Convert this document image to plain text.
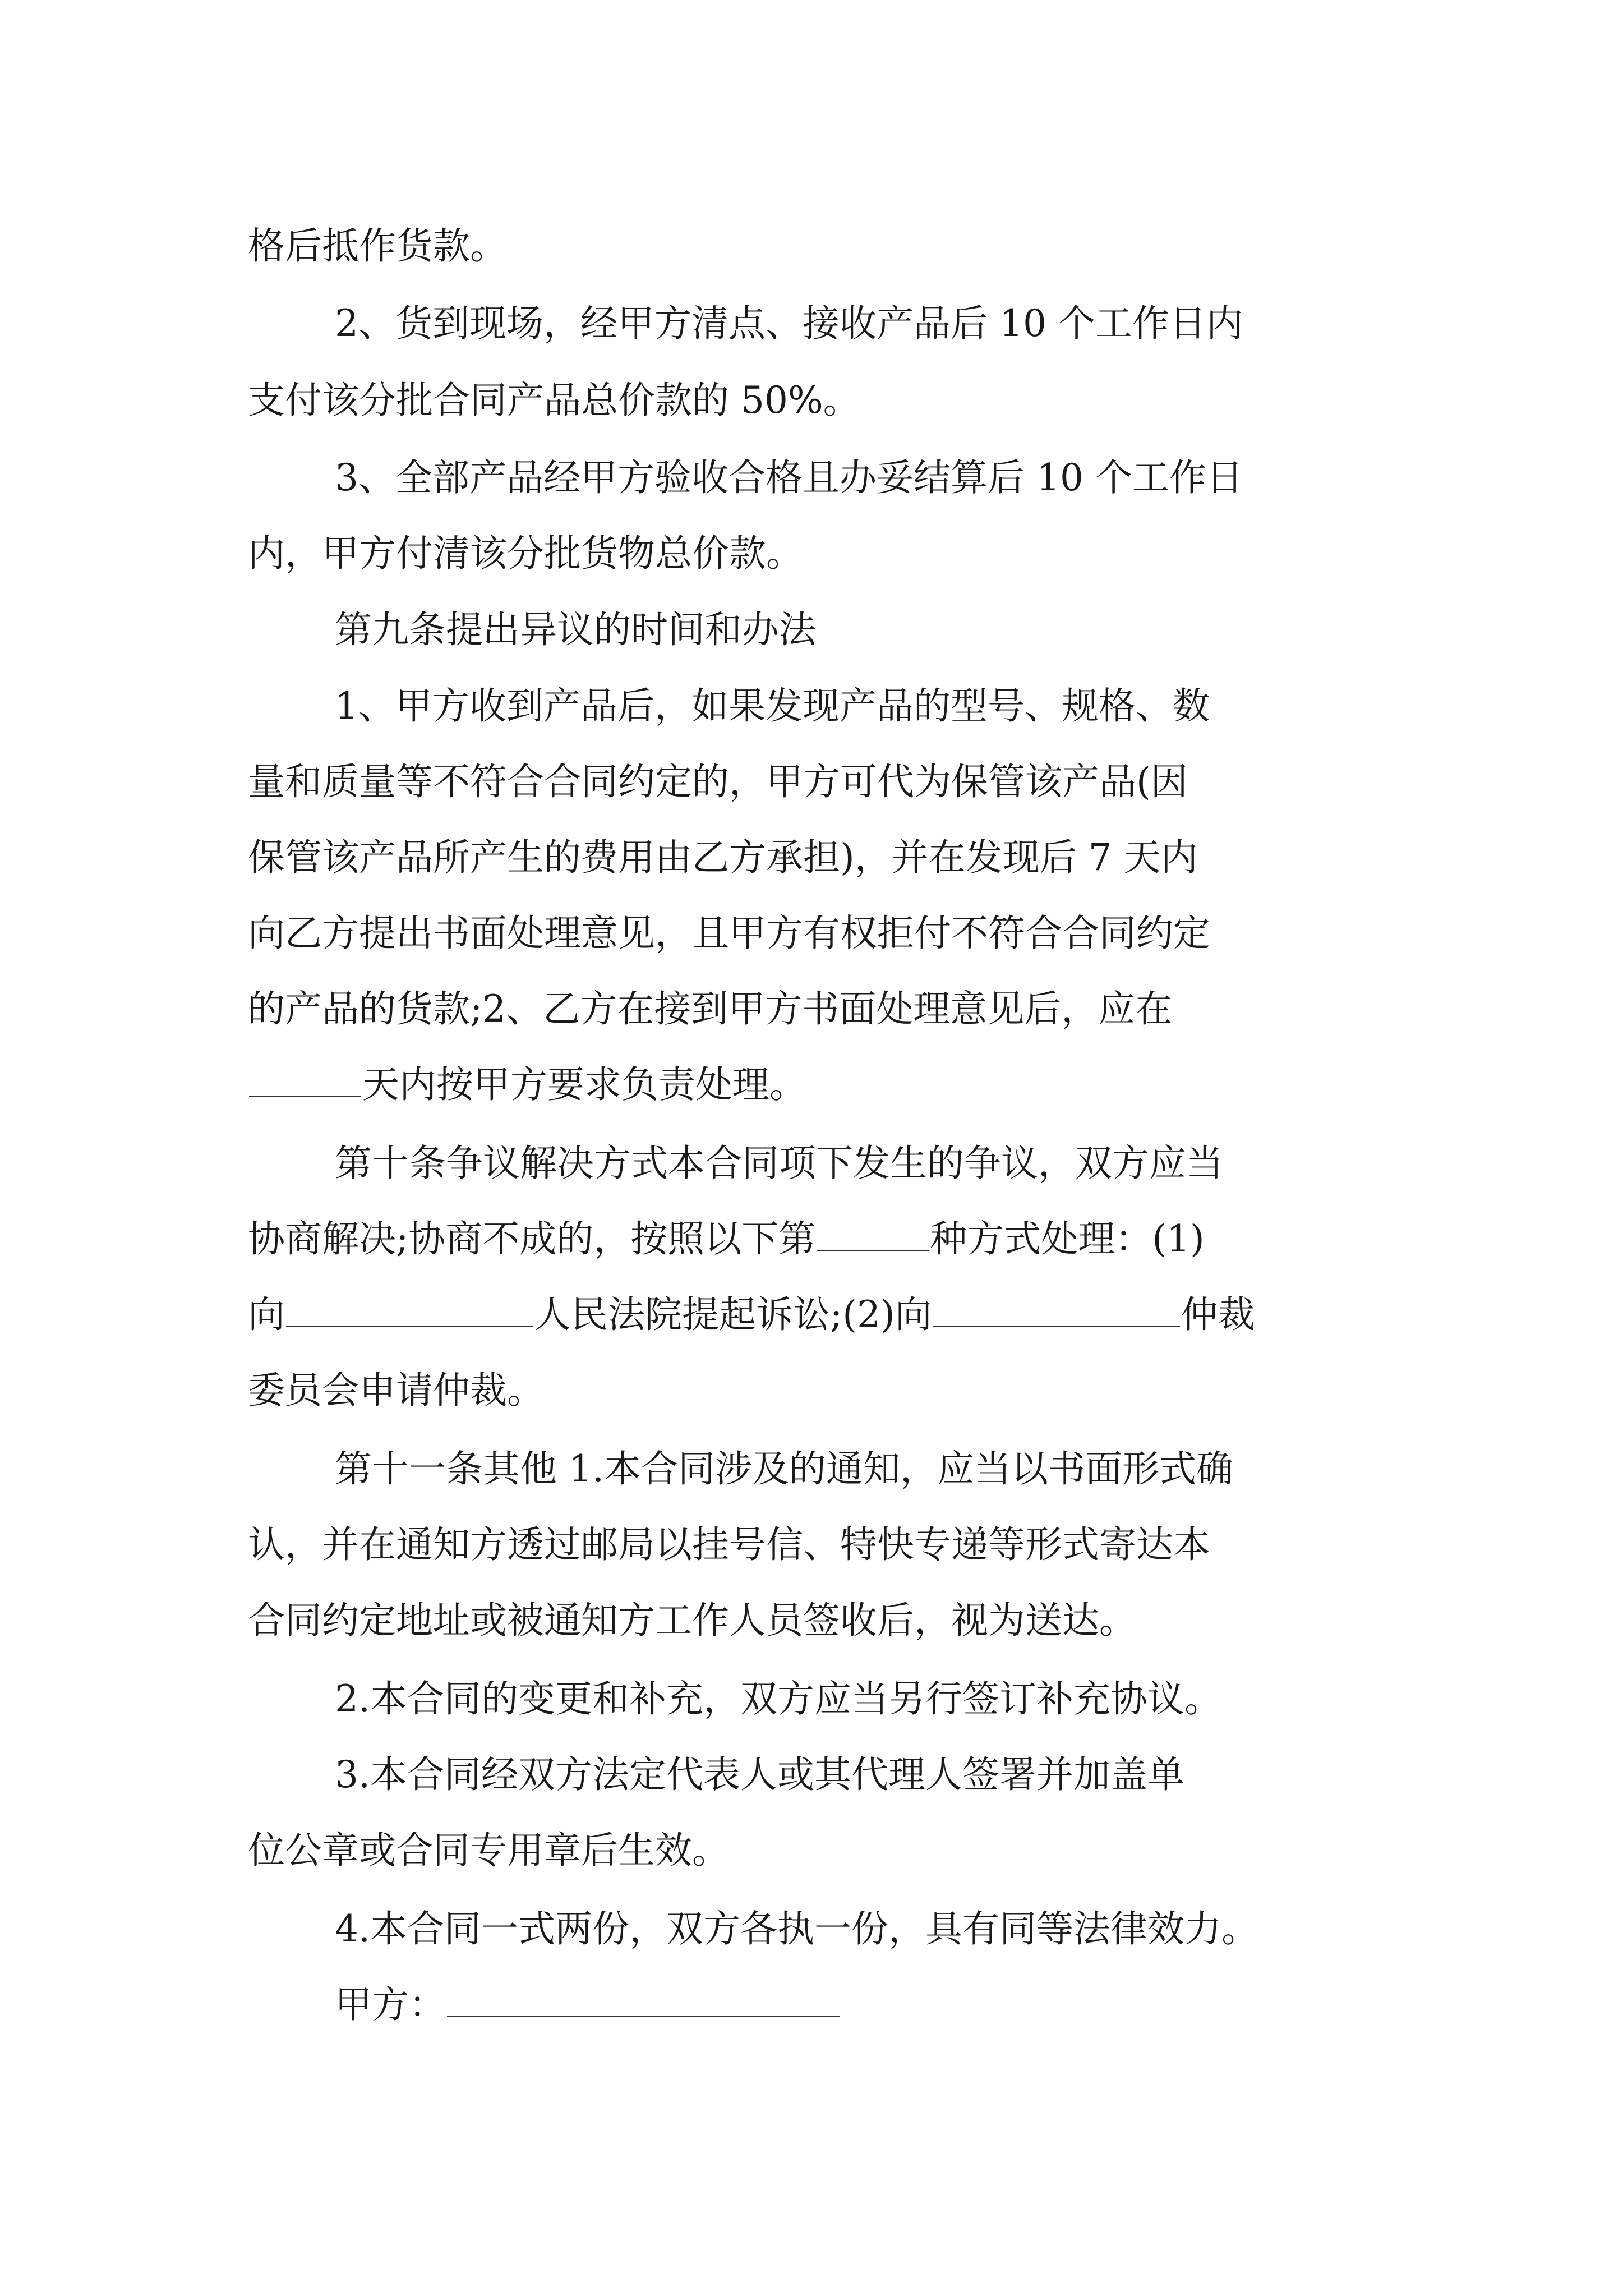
格后抵作货款。
2、货到现场，经甲方清点、接收产品后 10 个工作日内
支付该分批合同产品总价款的 50%。
3、全部产品经甲方验收合格且办妥结算后 10 个工作日
内，甲方付清该分批货物总价款。
第九条提出异议的时间和办法
1、甲方收到产品后，如果发现产品的型号、规格、数
量和质量等不符合合同约定的，甲方可代为保管该产品(因
保管该产品所产生的费用由乙方承担)，并在发现后 7 天内
向乙方提出书面处理意见，且甲方有权拒付不符合合同约定
的产品的货款;2、乙方在接到甲方书面处理意见后，应在
天内按甲方要求负责处理。
第十条争议解决方式本合同项下发生的争议，双方应当
协商解决;协商不成的，按照以下第	种方式处理：(1)
向	人民法院提起诉讼;(2)向	仲裁
委员会申请仲裁。
第十一条其他 1.本合同涉及的通知，应当以书面形式确
认，并在通知方透过邮局以挂号信、特快专递等形式寄达本
合同约定地址或被通知方工作人员签收后，视为送达。
2.本合同的变更和补充，双方应当另行签订补充协议。
3.本合同经双方法定代表人或其代理人签署并加盖单
位公章或合同专用章后生效。
4.本合同一式两份，双方各执一份，具有同等法律效力。
甲方：
